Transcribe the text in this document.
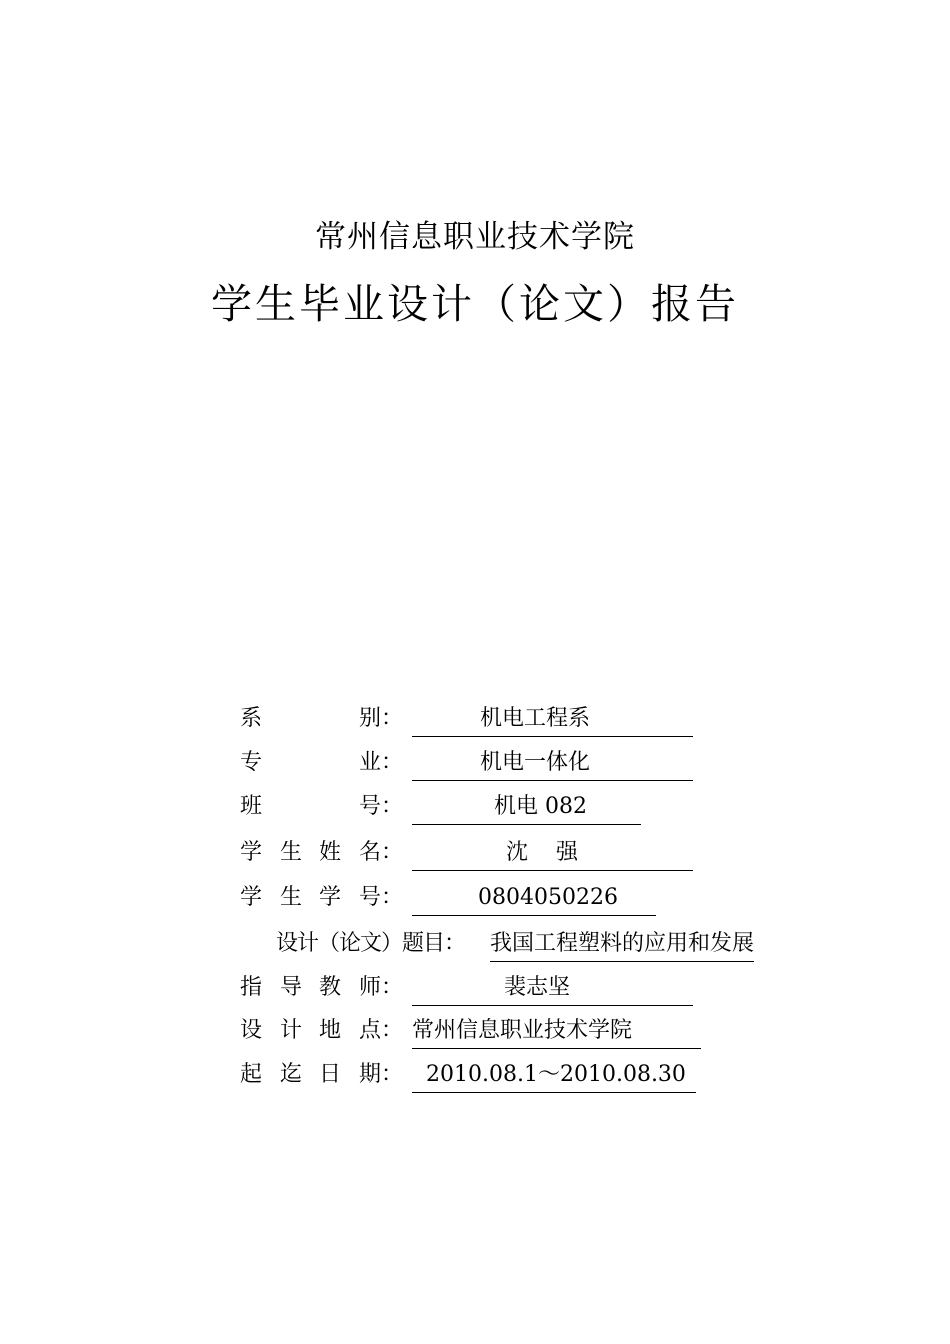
常州信息职业技术学院
学生毕业设计（论文）报告
系	别：	机电工程系
专	业：	机电一体化
班	号：	机电 082
学 生 姓 名：	沈    强
学 生 学 号：	0804050226
设计（论文）题目： 我国工程塑料的应用和发展
指 导 教 师：	裴志坚
设 计 地 点： 常州信息职业技术学院
起 迄 日 期： 2010.08.1～2010.08.30
